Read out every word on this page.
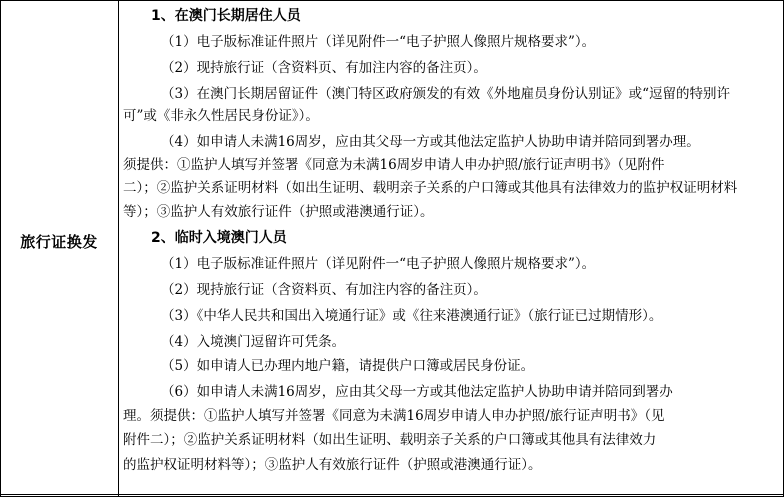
旅行证换发
1、在澳门长期居住人员
（1）电子版标准证件照片（详见附件一“电子护照人像照片规格要求”）。
（2）现持旅行证（含资料页、有加注内容的备注页）。
（3）在澳门长期居留证件（澳门特区政府颁发的有效《外地雇员身份认别证》或“逗留的特别许
可”或《非永久性居民身份证》）。
（4）如申请人未满16周岁，应由其父母一方或其他法定监护人协助申请并陪同到署办理。
须提供：①监护人填写并签署《同意为未满16周岁申请人申办护照/旅行证声明书》（见附件
二）；②监护关系证明材料（如出生证明、载明亲子关系的户口簿或其他具有法律效力的监护权证明材料
等）；③监护人有效旅行证件（护照或港澳通行证）。
2、临时入境澳门人员
（1）电子版标准证件照片（详见附件一“电子护照人像照片规格要求”）。
（2）现持旅行证（含资料页、有加注内容的备注页）。
（3）《中华人民共和国出入境通行证》或《往来港澳通行证》（旅行证已过期情形）。
（4）入境澳门逗留许可凭条。
（5）如申请人已办理内地户籍，请提供户口簿或居民身份证。
（6）如申请人未满16周岁，应由其父母一方或其他法定监护人协助申请并陪同到署办
理。须提供：①监护人填写并签署《同意为未满16周岁申请人申办护照/旅行证声明书》（见
附件二）；②监护关系证明材料（如出生证明、载明亲子关系的户口簿或其他具有法律效力
的监护权证明材料等）；③监护人有效旅行证件（护照或港澳通行证）。
